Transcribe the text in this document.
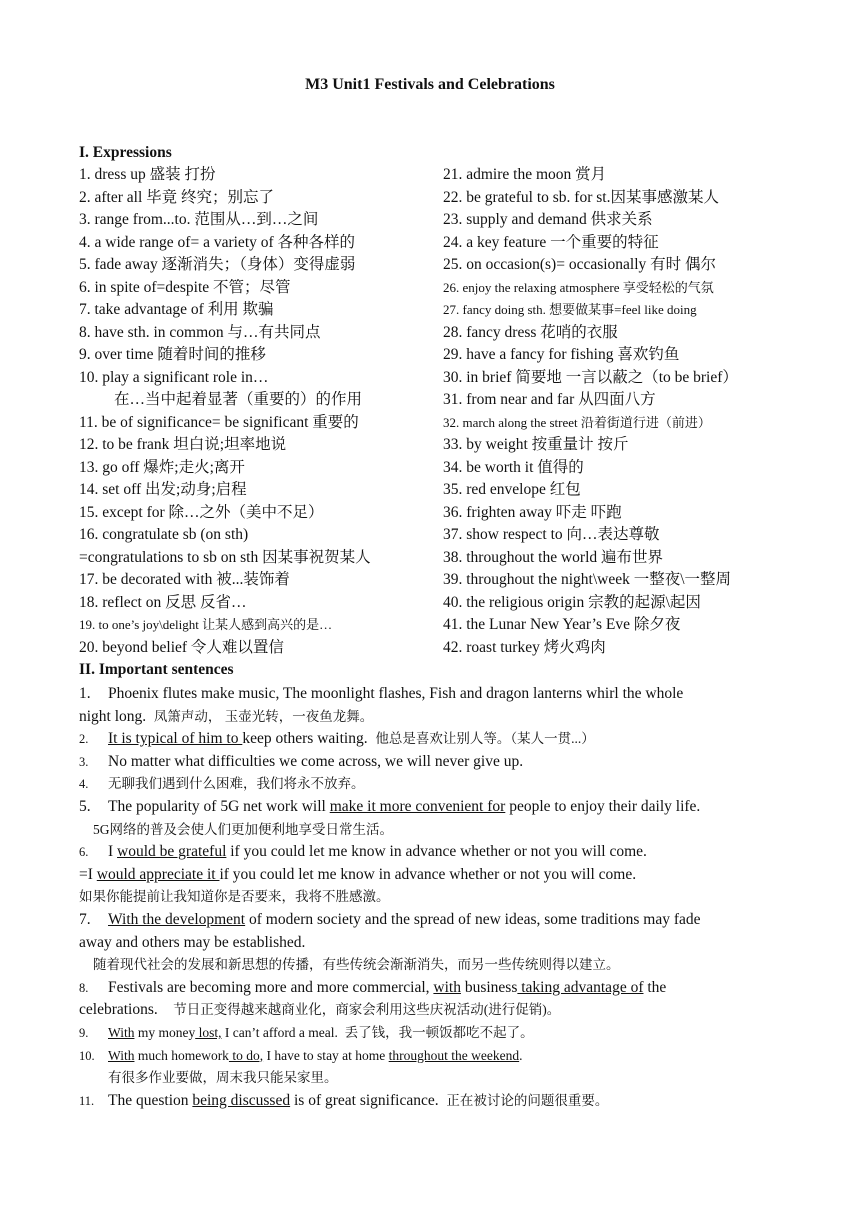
M3 Unit1 Festivals and Celebrations
I. Expressions
1. dress up 盛装 打扮
2. after all 毕竟 终究；别忘了
3. range from...to. 范围从…到…之间
4. a wide range of= a variety of 各种各样的
5. fade away 逐渐消失；（身体）变得虚弱
6. in spite of=despite 不管；尽管
7. take advantage of 利用 欺骗
8. have sth. in common 与…有共同点
9. over time 随着时间的推移
10. play a significant role in…
在…当中起着显著（重要的）的作用
11. be of significance= be significant 重要的
12. to be frank 坦白说;坦率地说
13. go off 爆炸;走火;离开
14. set off 出发;动身;启程
15. except for 除…之外（美中不足）
16. congratulate sb (on sth)
=congratulations to sb on sth 因某事祝贺某人
17. be decorated with 被...装饰着
18. reflect on 反思 反省…
19. to one’s joy\delight 让某人感到高兴的是…
20. beyond belief 令人难以置信
21. admire the moon 赏月
22. be grateful to sb. for st.因某事感激某人
23. supply and demand 供求关系
24. a key feature 一个重要的特征
25. on occasion(s)= occasionally 有时 偶尔
26. enjoy the relaxing atmosphere 享受轻松的气氛
27. fancy doing sth. 想要做某事=feel like doing
28. fancy dress 花哨的衣服
29. have a fancy for fishing 喜欢钓鱼
30. in brief 简要地 一言以蔽之（to be brief）
31. from near and far 从四面八方
32. march along the street 沿着街道行进（前进）
33. by weight 按重量计 按斤
34. be worth it 值得的
35. red envelope 红包
36. frighten away 吓走 吓跑
37. show respect to 向…表达尊敬
38. throughout the world 遍布世界
39. throughout the night\week 一整夜\一整周
40. the religious origin 宗教的起源\起因
41. the Lunar New Year’s Eve 除夕夜
42. roast turkey 烤火鸡肉
II. Important sentences
1. Phoenix flutes make music, The moonlight flashes, Fish and dragon lanterns whirl the whole
night long. 凤箫声动， 玉壶光转，一夜鱼龙舞。
2. It is typical of him to keep others waiting. 他总是喜欢让别人等。（某人一贯...）
3. No matter what difficulties we come across, we will never give up.
4. 无聊我们遇到什么困难，我们将永不放弃。
5. The popularity of 5G net work will make it more convenient for people to enjoy their daily life.
5G网络的普及会使人们更加便利地享受日常生活。
6. I would be grateful if you could let me know in advance whether or not you will come.
=I would appreciate it if you could let me know in advance whether or not you will come.
如果你能提前让我知道你是否要来，我将不胜感激。
7. With the development of modern society and the spread of new ideas, some traditions may fade
away and others may be established.
随着现代社会的发展和新思想的传播，有些传统会渐渐消失，而另一些传统则得以建立。
8. Festivals are becoming more and more commercial, with business taking advantage of the
celebrations. 节日正变得越来越商业化，商家会利用这些庆祝活动(进行促销)。
9. With my money lost, I can’t afford a meal. 丢了钱，我一顿饭都吃不起了。
10. With much homework to do, I have to stay at home throughout the weekend.
有很多作业要做，周末我只能呆家里。
11. The question being discussed is of great significance. 正在被讨论的问题很重要。
